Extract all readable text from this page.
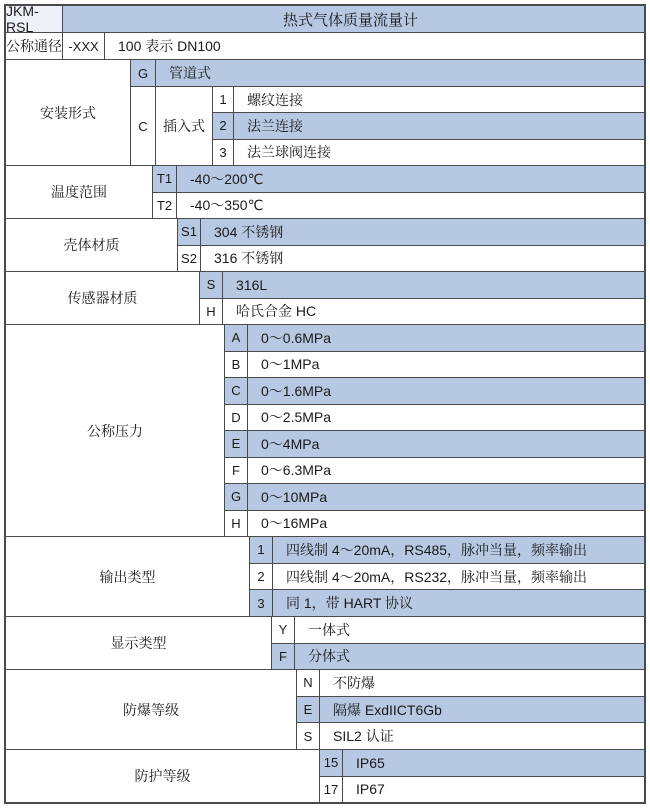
JKM-RSL	热式气体质量流量计
公称通径 -XXX	100 表示 DN100
安装形式
G	管道式
C	插入式
1	螺纹连接
2	法兰连接
3	法兰球阀连接
温度范围
T1	-40～200℃
T2	-40～350℃
壳体材质
S1	304 不锈钢
S2	316 不锈钢
传感器材质
S	316L
H	哈氏合金 HC
公称压力
A	0～0.6MPa
B	0～1MPa
C	0～1.6MPa
D	0～2.5MPa
E	0～4MPa
F	0～6.3MPa
G	0～10MPa
H	0～16MPa
输出类型
1	四线制 4～20mA，RS485，脉冲当量，频率输出
2	四线制 4～20mA，RS232，脉冲当量，频率输出
3	同 1，带 HART 协议
显示类型
Y	一体式
F	分体式
防爆等级
N	不防爆
E	隔爆 ExdIICT6Gb
S	SIL2 认证
防护等级
15	IP65
17	IP67
